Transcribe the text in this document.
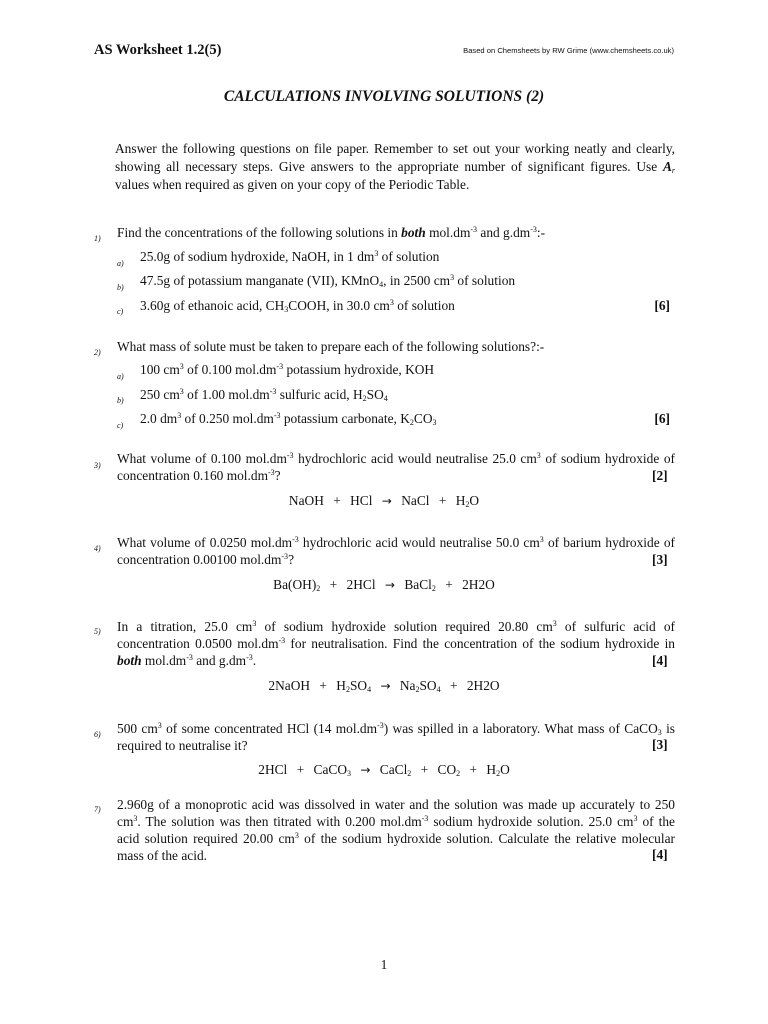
AS Worksheet 1.2(5)	Based on Chemsheets by RW Grime (www.chemsheets.co.uk)
CALCULATIONS INVOLVING SOLUTIONS (2)
Answer the following questions on file paper. Remember to set out your working neatly and clearly, showing all necessary steps. Give answers to the appropriate number of significant figures. Use $A_r$ values when required as given on your copy of the Periodic Table.
1) Find the concentrations of the following solutions in both $mol.dm^{-3}$ and $g.dm^{-3}:-$
a) 25.0g of sodium hydroxide, NaOH, in 1 $dm^3$ of solution
b) 47.5g of potassium manganate (VII), KMnO$_4$, in 2500 $cm^3$ of solution
c) 3.60g of ethanoic acid, $CH_3COOH$, in 30.0 $cm^3$ of solution	[6]
2) What mass of solute must be taken to prepare each of the following solutions?:-
a) 100 $cm^3$ of 0.100 $mol.dm^{-3}$ potassium hydroxide, KOH
b) 250 $cm^3$ of 1.00 $mol.dm^{-3}$ sulfuric acid, $H_2SO_4$
c) 2.0 $dm^3$ of 0.250 $mol.dm^{-3}$ potassium carbonate, $K_2CO_3$	[6]
3) What volume of 0.100 $mol.dm^{-3}$ hydrochloric acid would neutralise 25.0 $cm^3$ of sodium hydroxide of concentration 0.160 $mol.dm^{-3}$?	[2]
NaOH + HCl → NaCl + $H_2O$
4) What volume of 0.0250 $mol.dm^{-3}$ hydrochloric acid would neutralise 50.0 $cm^3$ of barium hydroxide of concentration 0.00100 $mol.dm^{-3}$?	[3]
$Ba(OH)_2 + 2HCl$ → BaCl$_2$ + 2H2O
5) In a titration, 25.0 $cm^3$ of sodium hydroxide solution required 20.80 $cm^3$ of sulfuric acid of concentration 0.0500 $mol.dm^{-3}$ for neutralisation. Find the concentration of the sodium hydroxide in both $mol.dm^{-3}$ and $g.dm^{-3}$.	[4]
2NaOH + $H_2SO_4 \to Na_2SO_4 + 2H2O$
6) 500 $cm^3$ of some concentrated HCl (14 $mol.dm^{-3}$) was spilled in a laboratory. What mass of CaCO$_3$ is required to neutralise it?	[3]
2HCl + CaCO$_3$ → CaCl$_2$ + $CO_2 + H_2O$
7) 2.960g of a monoprotic acid was dissolved in water and the solution was made up accurately to 250 $cm^3$. The solution was then titrated with 0.200 $mol.dm^{-3}$ sodium hydroxide solution. 25.0 $cm^3$ of the acid solution required 20.00 $cm^3$ of the sodium hydroxide solution. Calculate the relative molecular mass of the acid.	[4]
1
